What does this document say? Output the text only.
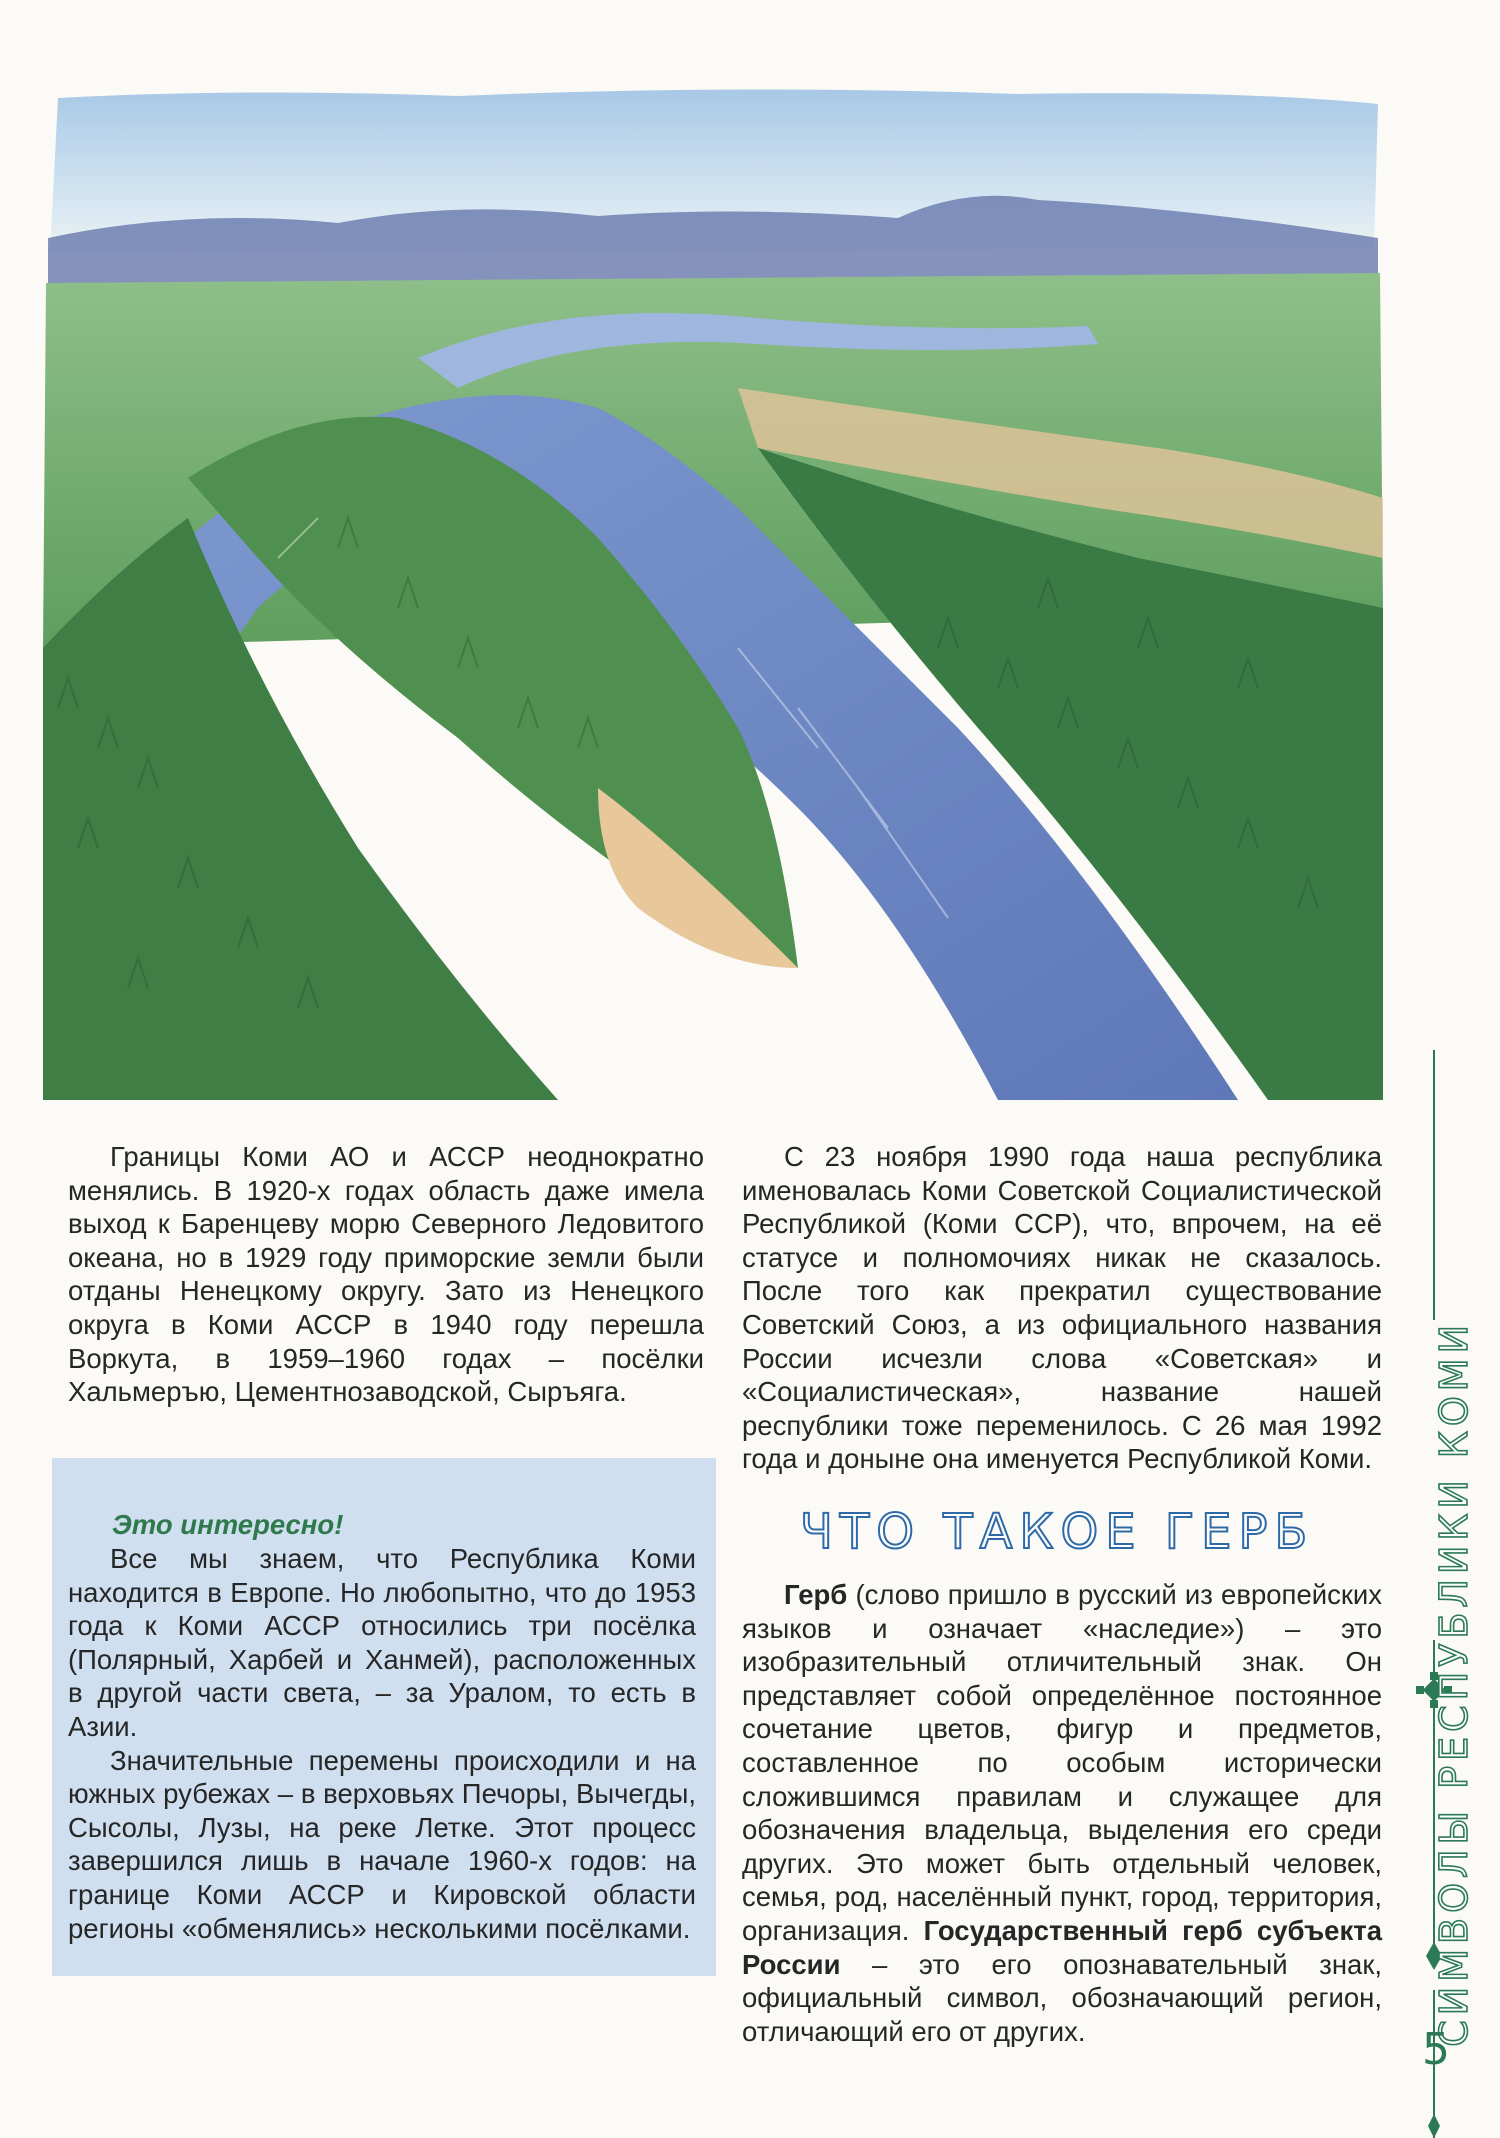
Границы Коми АО и АССР неоднократно менялись. В 1920-х годах область даже имела выход к Баренцеву морю Северного Ледовитого океана, но в 1929 году приморские земли были отданы Ненецкому округу. Зато из Ненецкого округа в Коми АССР в 1940 году перешла Воркута, в 1959–1960 годах – посёлки Хальмеръю, Цементнозаводской, Сыръяга.

Это интересно!

Все мы знаем, что Республика Коми находится в Европе. Но любопытно, что до 1953 года к Коми АССР относились три посёлка (Полярный, Харбей и Ханмей), расположенных в другой части света, – за Уралом, то есть в Азии.

Значительные перемены происходили и на южных рубежах – в верховьях Печоры, Вычегды, Сысолы, Лузы, на реке Летке. Этот процесс завершился лишь в начале 1960-х годов: на границе Коми АССР и Кировской области регионы «обменялись» несколькими посёлками.

С 23 ноября 1990 года наша республика именовалась Коми Советской Социалистической Республикой (Коми ССР), что, впрочем, на её статусе и полномочиях никак не сказалось. После того как прекратил существование Советский Союз, а из официального названия России исчезли слова «Советская» и «Социалистическая», название нашей республики тоже переменилось. С 26 мая 1992 года и доныне она именуется Республикой Коми.

ЧТО ТАКОЕ ГЕРБ

Герб (слово пришло в русский из европейских языков и означает «наследие») – это изобразительный отличительный знак. Он представляет собой определённое постоянное сочетание цветов, фигур и предметов, составленное по особым исторически сложившимся правилам и служащее для обозначения владельца, выделения его среди других. Это может быть отдельный человек, семья, род, населённый пункт, город, территория, организация. Государственный герб субъекта России – это его опознавательный знак, официальный символ, обозначающий регион, отличающий его от других.	СИМВОЛЫ РЕСПУБЛИКИ КОМИ
5
